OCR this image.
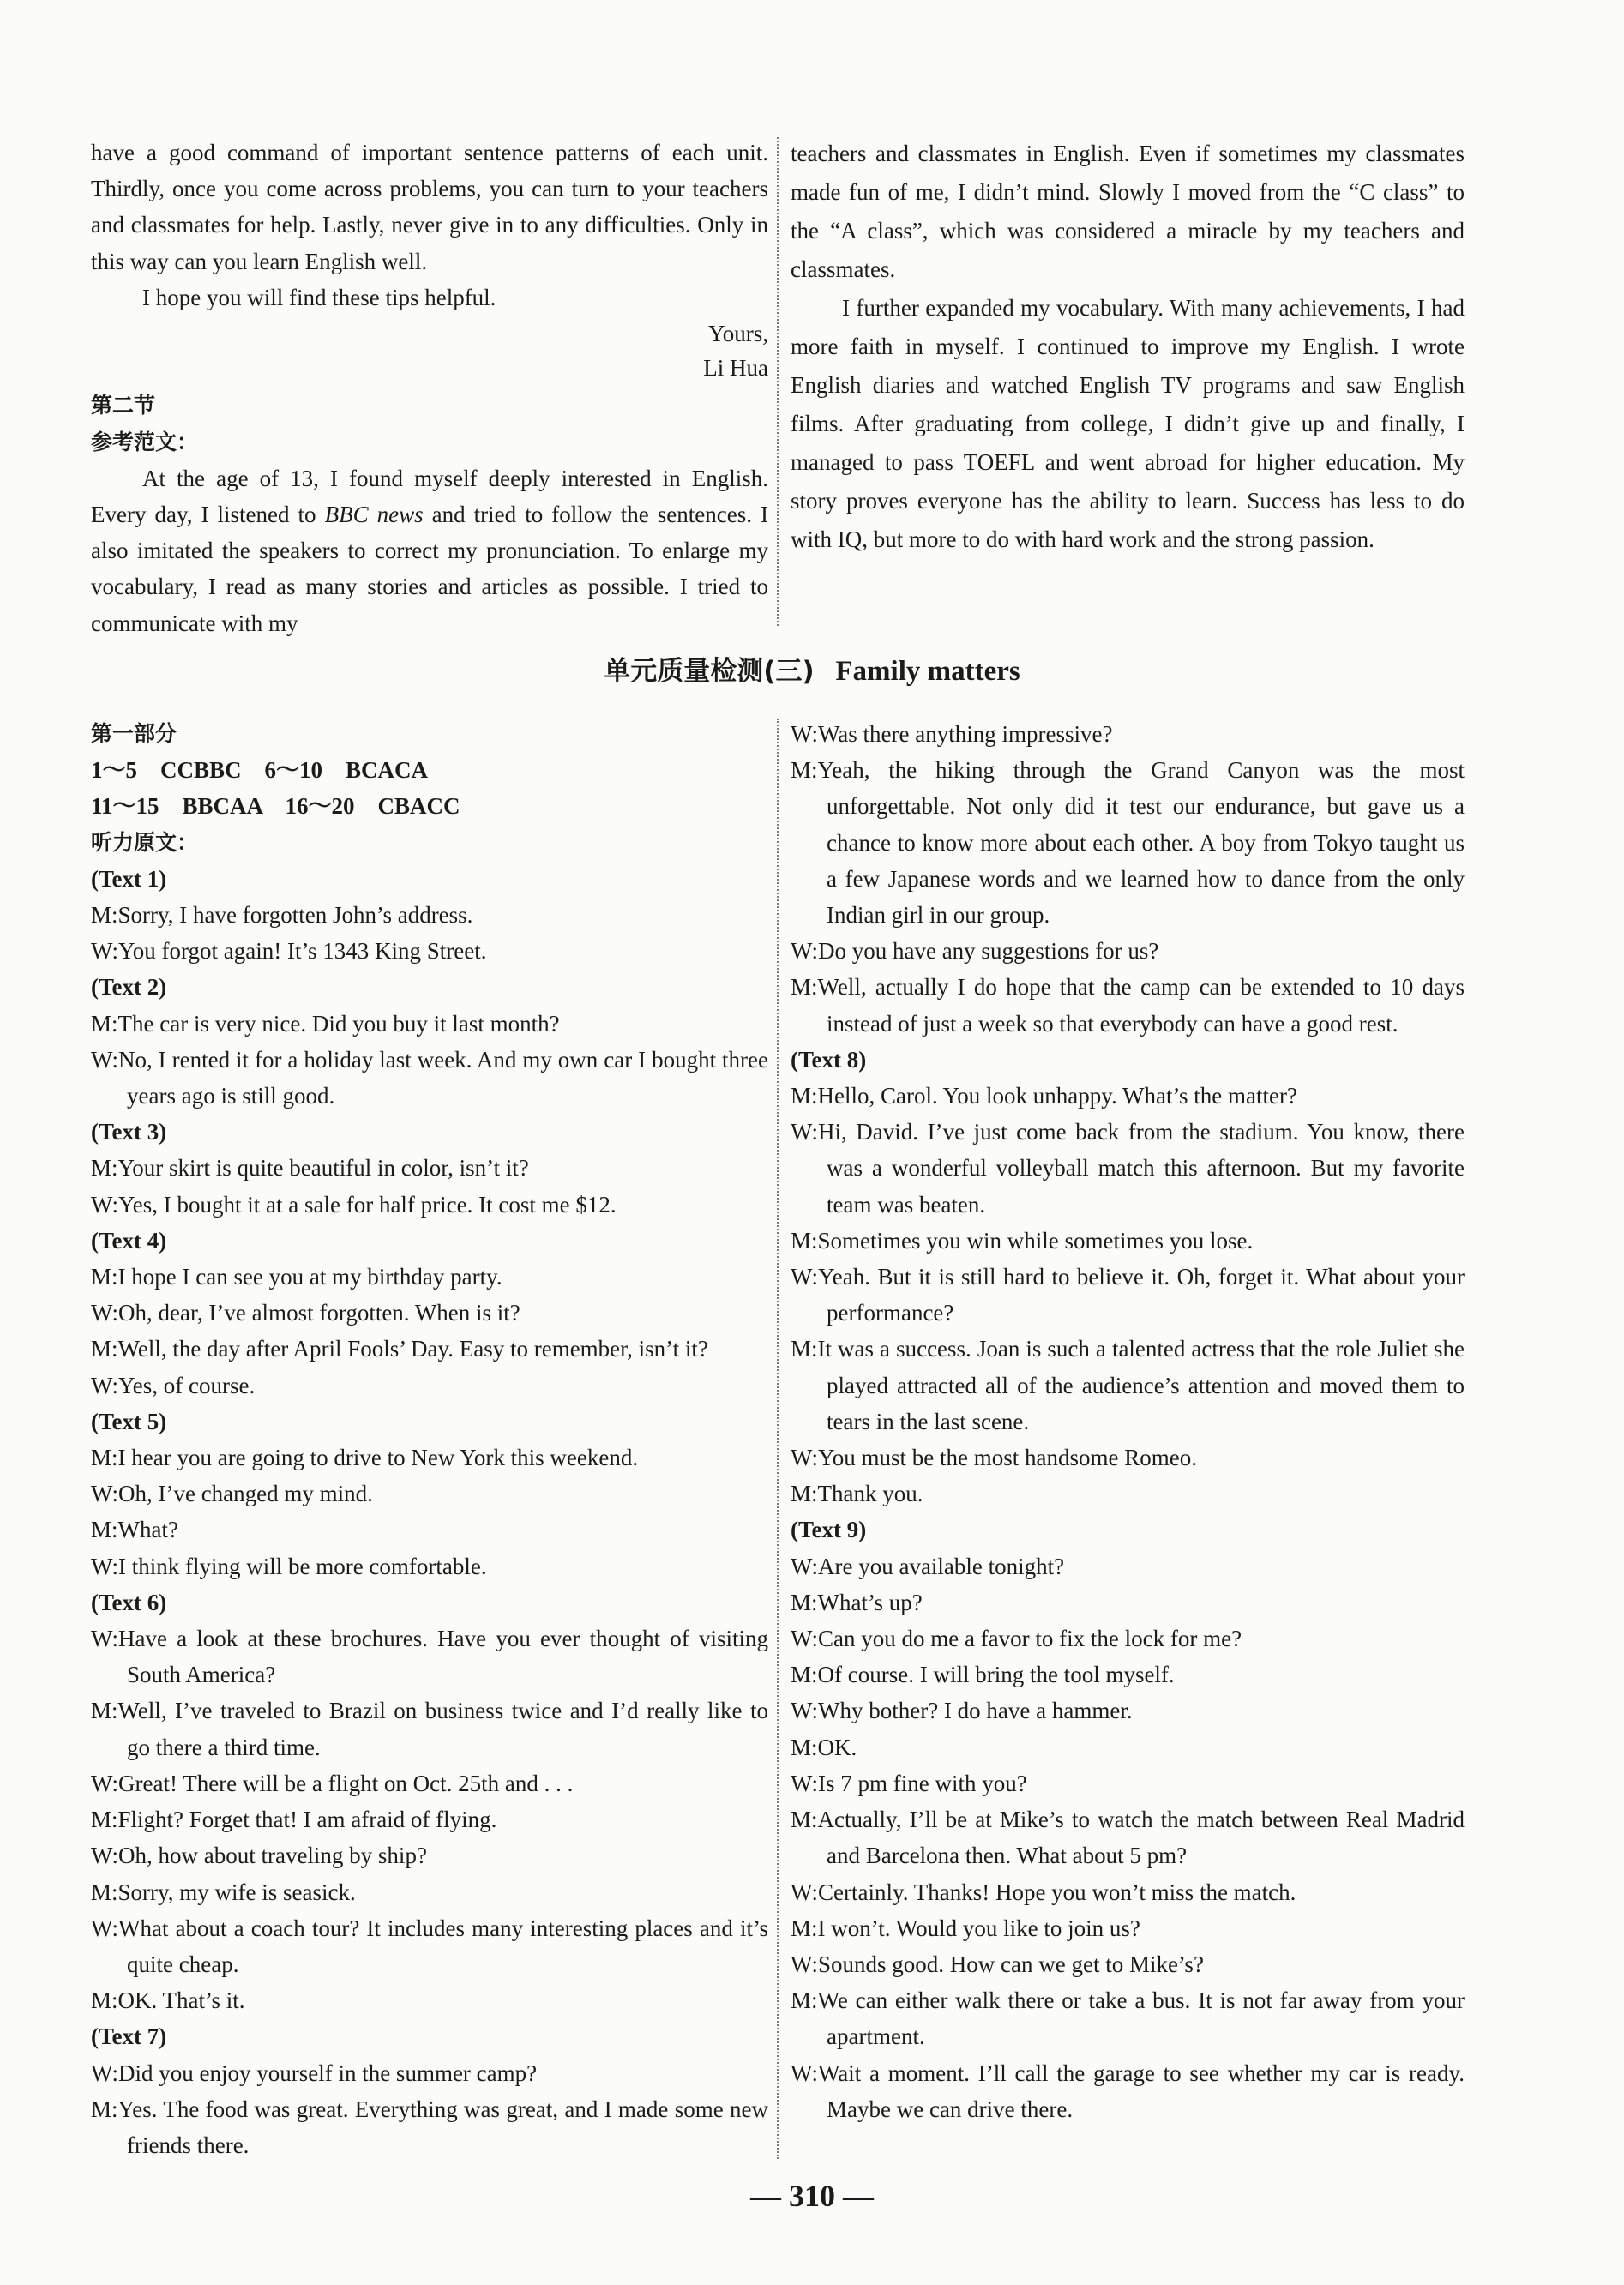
have a good command of important sentence patterns of each unit. Thirdly, once you come across problems, you can turn to your teachers and classmates for help. Lastly, never give in to any difficulties. Only in this way can you learn English well.
I hope you will find these tips helpful.
Yours,
Li Hua
第二节
参考范文：
At the age of 13, I found myself deeply interested in English. Every day, I listened to BBC news and tried to follow the sentences. I also imitated the speakers to correct my pronunciation. To enlarge my vocabulary, I read as many stories and articles as possible. I tried to communicate with my
teachers and classmates in English. Even if sometimes my classmates made fun of me, I didn’t mind. Slowly I moved from the “C class” to the “A class”, which was considered a miracle by my teachers and classmates.
I further expanded my vocabulary. With many achievements, I had more faith in myself. I continued to improve my English. I wrote English diaries and watched English TV programs and saw English films. After graduating from college, I didn’t give up and finally, I managed to pass TOEFL and went abroad for higher education. My story proves everyone has the ability to learn. Success has less to do with IQ, but more to do with hard work and the strong passion.
单元质量检测(三) Family matters
第一部分
1～5　CCBBC　6～10　BCACA
11～15　BBCAA　16～20　CBACC
听力原文：
(Text 1)
M:Sorry, I have forgotten John’s address.
W:You forgot again! It’s 1343 King Street.
(Text 2)
M:The car is very nice. Did you buy it last month?
W:No, I rented it for a holiday last week. And my own car I bought three years ago is still good.
(Text 3)
M:Your skirt is quite beautiful in color, isn’t it?
W:Yes, I bought it at a sale for half price. It cost me $12.
(Text 4)
M:I hope I can see you at my birthday party.
W:Oh, dear, I’ve almost forgotten. When is it?
M:Well, the day after April Fools’ Day. Easy to remember, isn’t it?
W:Yes, of course.
(Text 5)
M:I hear you are going to drive to New York this weekend.
W:Oh, I’ve changed my mind.
M:What?
W:I think flying will be more comfortable.
(Text 6)
W:Have a look at these brochures. Have you ever thought of visiting South America?
M:Well, I’ve traveled to Brazil on business twice and I’d really like to go there a third time.
W:Great! There will be a flight on Oct. 25th and . . .
M:Flight? Forget that! I am afraid of flying.
W:Oh, how about traveling by ship?
M:Sorry, my wife is seasick.
W:What about a coach tour? It includes many interesting places and it’s quite cheap.
M:OK. That’s it.
(Text 7)
W:Did you enjoy yourself in the summer camp?
M:Yes. The food was great. Everything was great, and I made some new friends there.
W:Was there anything impressive?
M:Yeah, the hiking through the Grand Canyon was the most unforgettable. Not only did it test our endurance, but gave us a chance to know more about each other. A boy from Tokyo taught us a few Japanese words and we learned how to dance from the only Indian girl in our group.
W:Do you have any suggestions for us?
M:Well, actually I do hope that the camp can be extended to 10 days instead of just a week so that everybody can have a good rest.
(Text 8)
M:Hello, Carol. You look unhappy. What’s the matter?
W:Hi, David. I’ve just come back from the stadium. You know, there was a wonderful volleyball match this afternoon. But my favorite team was beaten.
M:Sometimes you win while sometimes you lose.
W:Yeah. But it is still hard to believe it. Oh, forget it. What about your performance?
M:It was a success. Joan is such a talented actress that the role Juliet she played attracted all of the audience’s attention and moved them to tears in the last scene.
W:You must be the most handsome Romeo.
M:Thank you.
(Text 9)
W:Are you available tonight?
M:What’s up?
W:Can you do me a favor to fix the lock for me?
M:Of course. I will bring the tool myself.
W:Why bother? I do have a hammer.
M:OK.
W:Is 7 pm fine with you?
M:Actually, I’ll be at Mike’s to watch the match between Real Madrid and Barcelona then. What about 5 pm?
W:Certainly. Thanks! Hope you won’t miss the match.
M:I won’t. Would you like to join us?
W:Sounds good. How can we get to Mike’s?
M:We can either walk there or take a bus. It is not far away from your apartment.
W:Wait a moment. I’ll call the garage to see whether my car is ready. Maybe we can drive there.
— 310 —
